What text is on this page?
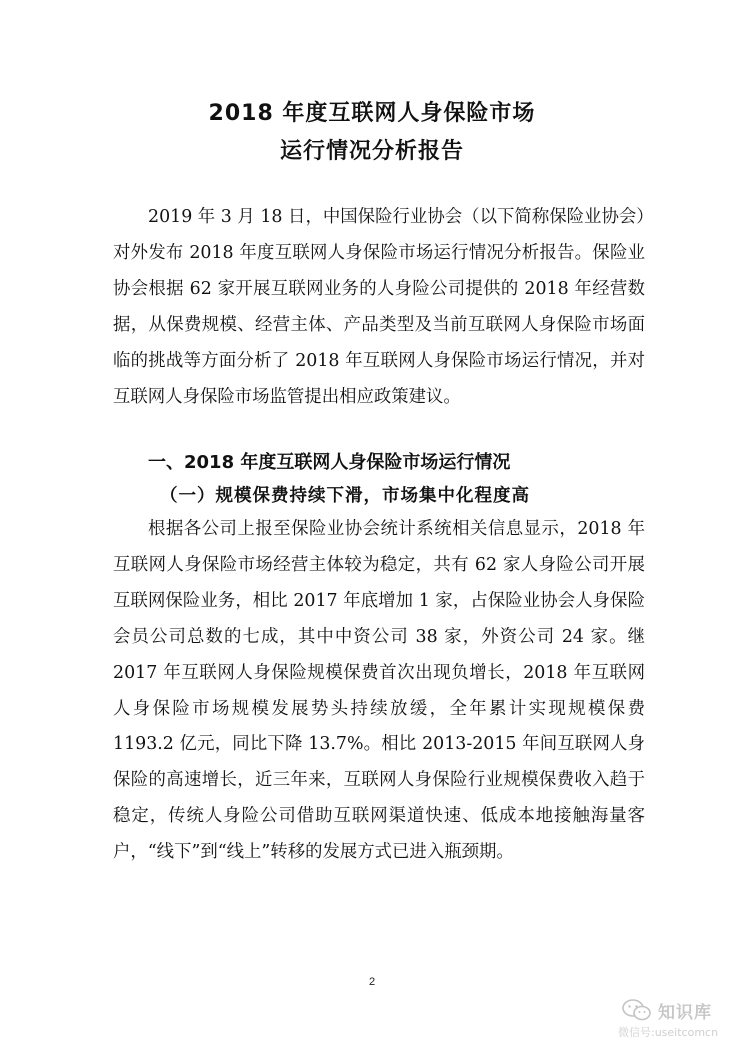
2018 年度互联网人身保险市场
运行情况分析报告

2019 年 3 月 18 日，中国保险行业协会（以下简称保险业协会）对外发布 2018 年度互联网人身保险市场运行情况分析报告。保险业协会根据 62 家开展互联网业务的人身险公司提供的 2018 年经营数据，从保费规模、经营主体、产品类型及当前互联网人身保险市场面临的挑战等方面分析了 2018 年互联网人身保险市场运行情况，并对互联网人身保险市场监管提出相应政策建议。

一、2018 年度互联网人身保险市场运行情况
（一）规模保费持续下滑，市场集中化程度高

根据各公司上报至保险业协会统计系统相关信息显示，2018 年互联网人身保险市场经营主体较为稳定，共有 62 家人身险公司开展互联网保险业务，相比 2017 年底增加 1 家，占保险业协会人身保险会员公司总数的七成，其中中资公司 38 家，外资公司 24 家。继 2017 年互联网人身保险规模保费首次出现负增长，2018 年互联网人身保险市场规模发展势头持续放缓，全年累计实现规模保费 1193.2 亿元，同比下降 13.7%。相比 2013-2015 年间互联网人身保险的高速增长，近三年来，互联网人身保险行业规模保费收入趋于稳定，传统人身险公司借助互联网渠道快速、低成本地接触海量客户，“线下”到“线上”转移的发展方式已进入瓶颈期。

2
知识库
微信号:useitcomcn
